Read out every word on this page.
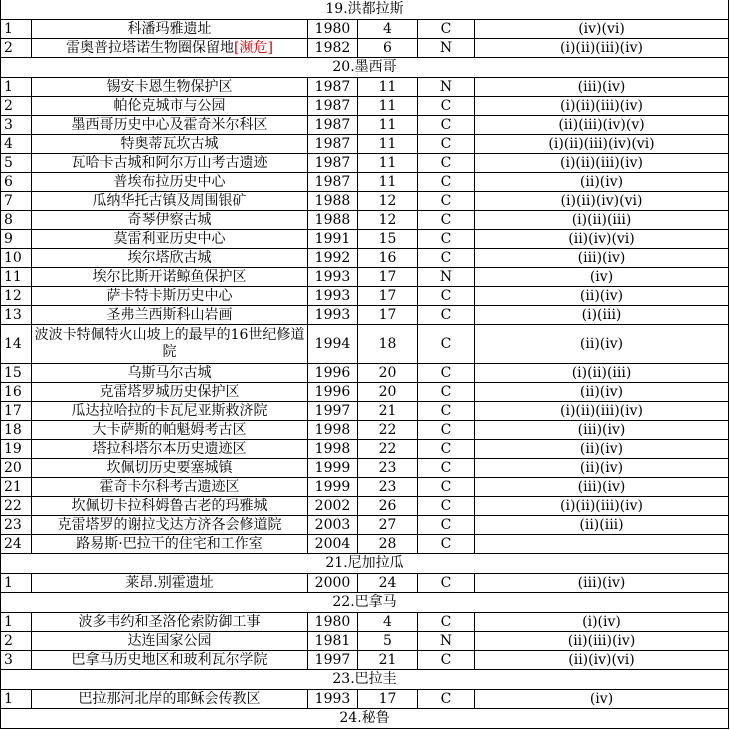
19.洪都拉斯					
1	科潘玛雅遗址	1980	4	C	(iv)(vi)
2	雷奥普拉塔诺生物圈保留地[濒危]	1982	6	N	(i)(ii)(iii)(iv)
20.墨西哥					
1	锡安卡恩生物保护区	1987	11	N	(iii)(iv)
2	帕伦克城市与公园	1987	11	C	(i)(ii)(iii)(iv)
3	墨西哥历史中心及霍奇米尔科区	1987	11	C	(ii)(iii)(iv)(v)
4	特奥蒂瓦坎古城	1987	11	C	(i)(ii)(iii)(iv)(vi)
5	瓦哈卡古城和阿尔万山考古遗迹	1987	11	C	(i)(ii)(iii)(iv)
6	普埃布拉历史中心	1987	11	C	(ii)(iv)
7	瓜纳华托古镇及周围银矿	1988	12	C	(i)(ii)(iv)(vi)
8	奇琴伊察古城	1988	12	C	(i)(ii)(iii)
9	莫雷利亚历史中心	1991	15	C	(ii)(iv)(vi)
10	埃尔塔欣古城	1992	16	C	(iii)(iv)
11	埃尔比斯开诺鲸鱼保护区	1993	17	N	(iv)
12	萨卡特卡斯历史中心	1993	17	C	(ii)(iv)
13	圣弗兰西斯科山岩画	1993	17	C	(i)(iii)
14	波波卡特佩特火山坡上的最早的16世纪修道院	1994	18	C	(ii)(iv)
15	乌斯马尔古城	1996	20	C	(i)(ii)(iii)
16	克雷塔罗城历史保护区	1996	20	C	(ii)(iv)
17	瓜达拉哈拉的卡瓦尼亚斯救济院	1997	21	C	(i)(ii)(iii)(iv)
18	大卡萨斯的帕魁姆考古区	1998	22	C	(iii)(iv)
19	塔拉科塔尔本历史遗迹区	1998	22	C	(ii)(iv)
20	坎佩切历史要塞城镇	1999	23	C	(ii)(iv)
21	霍奇卡尔科考古遗迹区	1999	23	C	(iii)(iv)
22	坎佩切卡拉科姆鲁古老的玛雅城	2002	26	C	(i)(ii)(iii)(iv)
23	克雷塔罗的谢拉戈达方济各会修道院	2003	27	C	(ii)(iii)
24	路易斯·巴拉干的住宅和工作室	2004	28	C	
21.尼加拉瓜					
1	莱昂.别霍遗址	2000	24	C	(iii)(iv)
22.巴拿马					
1	波多韦约和圣洛伦索防御工事	1980	4	C	(i)(iv)
2	达连国家公园	1981	5	N	(ii)(iii)(iv)
3	巴拿马历史地区和玻利瓦尔学院	1997	21	C	(ii)(iv)(vi)
23.巴拉圭					
1	巴拉那河北岸的耶稣会传教区	1993	17	C	(iv)
24.秘鲁					
